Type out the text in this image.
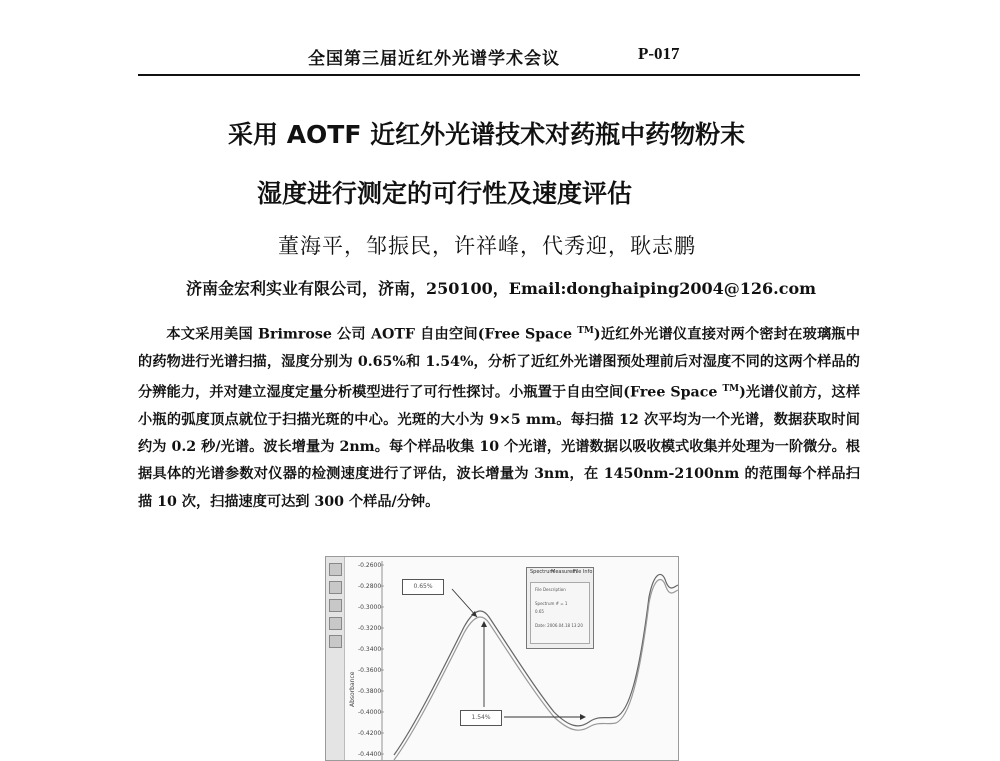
全国第三届近红外光谱学术会议	P-017
采用 AOTF 近红外光谱技术对药瓶中药物粉末
湿度进行测定的可行性及速度评估
董海平，邹振民，许祥峰，代秀迎，耿志鹏
济南金宏利实业有限公司，济南，250100，Email:donghaiping2004@126.com

本文采用美国 Brimrose 公司 AOTF 自由空间(Free Space ™)近红外光谱仪直接对两个密封在玻璃瓶中的药物进行光谱扫描，湿度分别为 0.65%和 1.54%，分析了近红外光谱图预处理前后对湿度不同的这两个样品的分辨能力，并对建立湿度定量分析模型进行了可行性探讨。小瓶置于自由空间(Free Space ™)光谱仪前方，这样小瓶的弧度顶点就位于扫描光斑的中心。光斑的大小为 9×5 mm。每扫描 12 次平均为一个光谱，数据获取时间约为 0.2 秒/光谱。波长增量为 2nm。每个样品收集 10 个光谱，光谱数据以吸收模式收集并处理为一阶微分。根据具体的光谱参数对仪器的检测速度进行了评估，波长增量为 3nm，在 1450nm-2100nm 的范围每个样品扫描 10 次，扫描速度可达到 300 个样品/分钟。

-0.2600
-0.2800
-0.3000
-0.3200
-0.3400
-0.3600
-0.3800
-0.4000
-0.4200
-0.4400
Absorbance
0.65%
1.54%
Spectrum
Measurem
File Info
File Description
Spectrum # = 1
0.65
Date: 2006.04.18 13:20
